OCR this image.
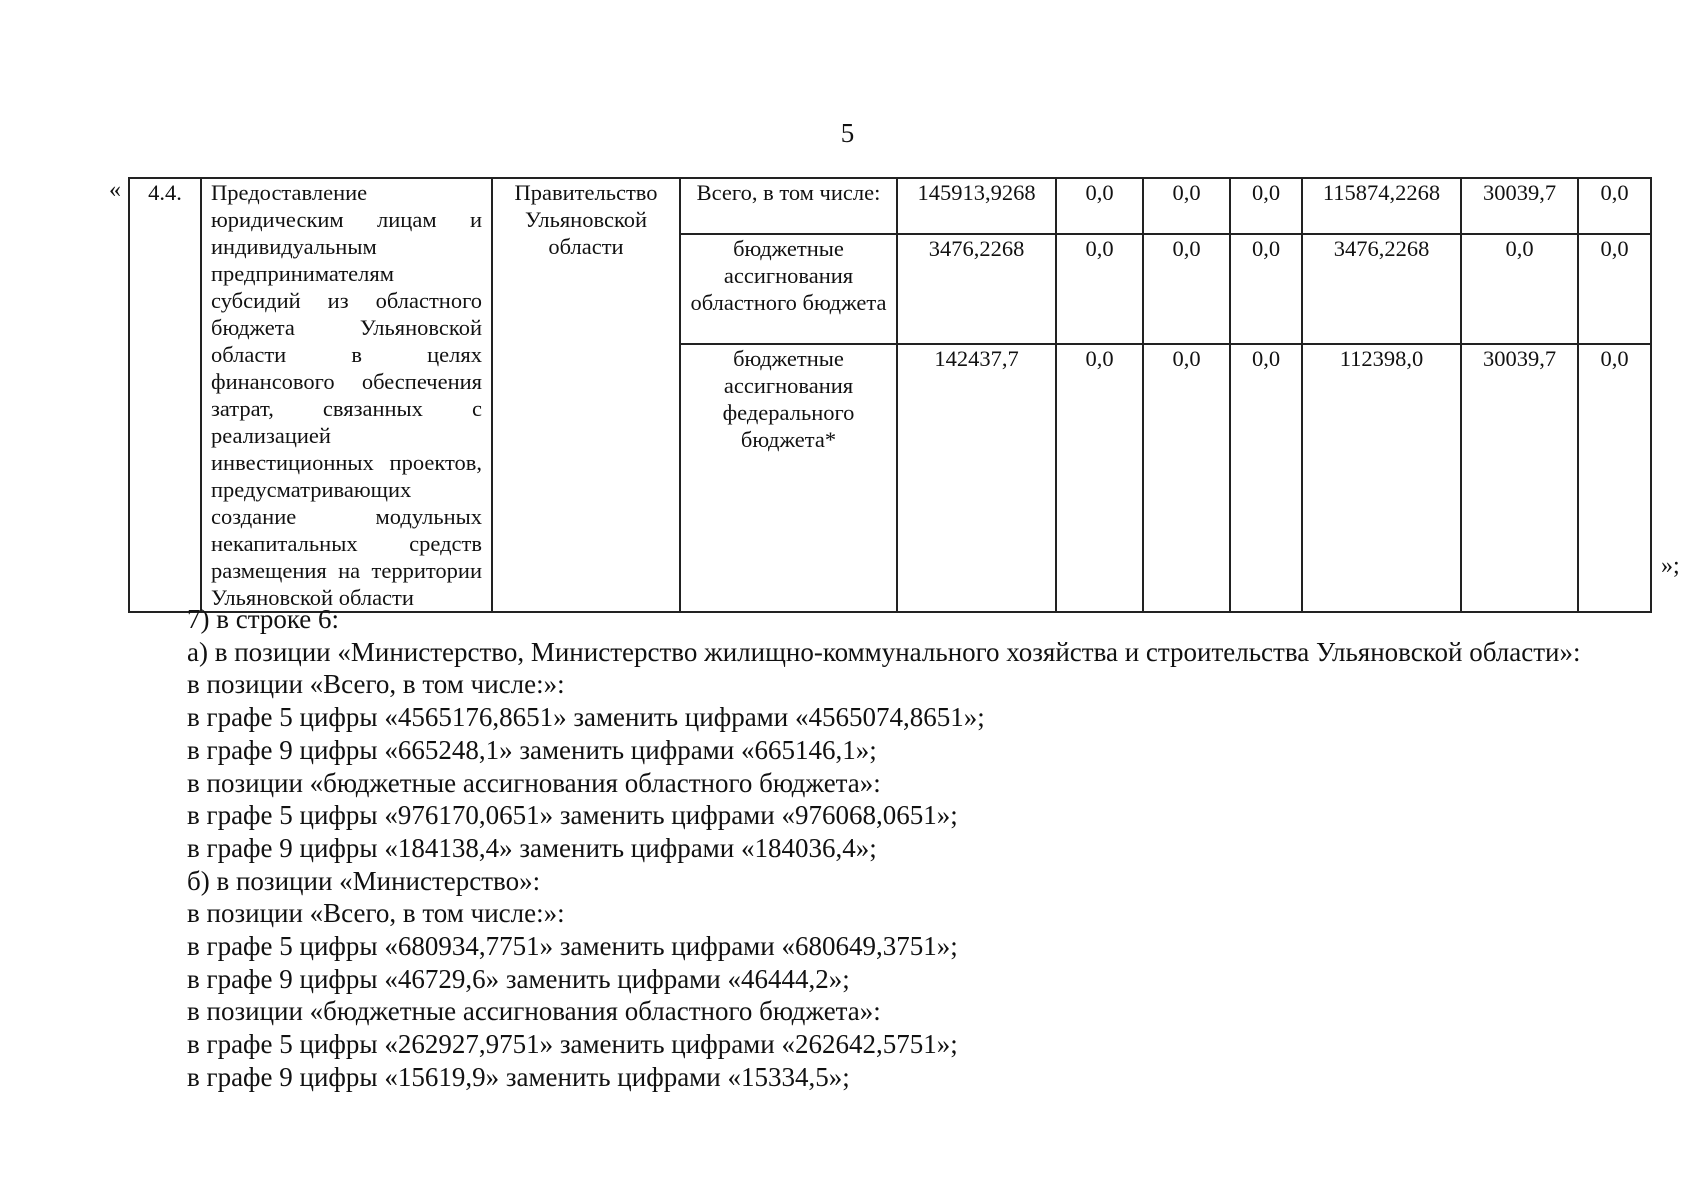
5
« 4.4.	Предоставление юридическим лицам и индивидуальным предпринимателям субсидий из областного бюджета Ульяновской области в целях финансового обеспечения затрат, связанных с реализацией инвестиционных проектов, предусматривающих создание модульных некапитальных средств размещения на территории Ульяновской области	Правительство Ульяновской области	Всего, в том числе:	145913,9268	0,0	0,0	0,0	115874,2268	30039,7	0,0
			бюджетные ассигнования областного бюджета	3476,2268	0,0	0,0	0,0	3476,2268	0,0	0,0
			бюджетные ассигнования федерального бюджета*	142437,7	0,0	0,0	0,0	112398,0	30039,7	0,0
»;

7) в строке 6:

а) в позиции «Министерство, Министерство жилищно-коммунального хозяйства и строительства Ульяновской области»:

в позиции «Всего, в том числе:»:

в графе 5 цифры «4565176,8651» заменить цифрами «4565074,8651»;

в графе 9 цифры «665248,1» заменить цифрами «665146,1»;

в позиции «бюджетные ассигнования областного бюджета»:

в графе 5 цифры «976170,0651» заменить цифрами «976068,0651»;

в графе 9 цифры «184138,4» заменить цифрами «184036,4»;

б) в позиции «Министерство»:

в позиции «Всего, в том числе:»:

в графе 5 цифры «680934,7751» заменить цифрами «680649,3751»;

в графе 9 цифры «46729,6» заменить цифрами «46444,2»;

в позиции «бюджетные ассигнования областного бюджета»:

в графе 5 цифры «262927,9751» заменить цифрами «262642,5751»;

в графе 9 цифры «15619,9» заменить цифрами «15334,5»;
